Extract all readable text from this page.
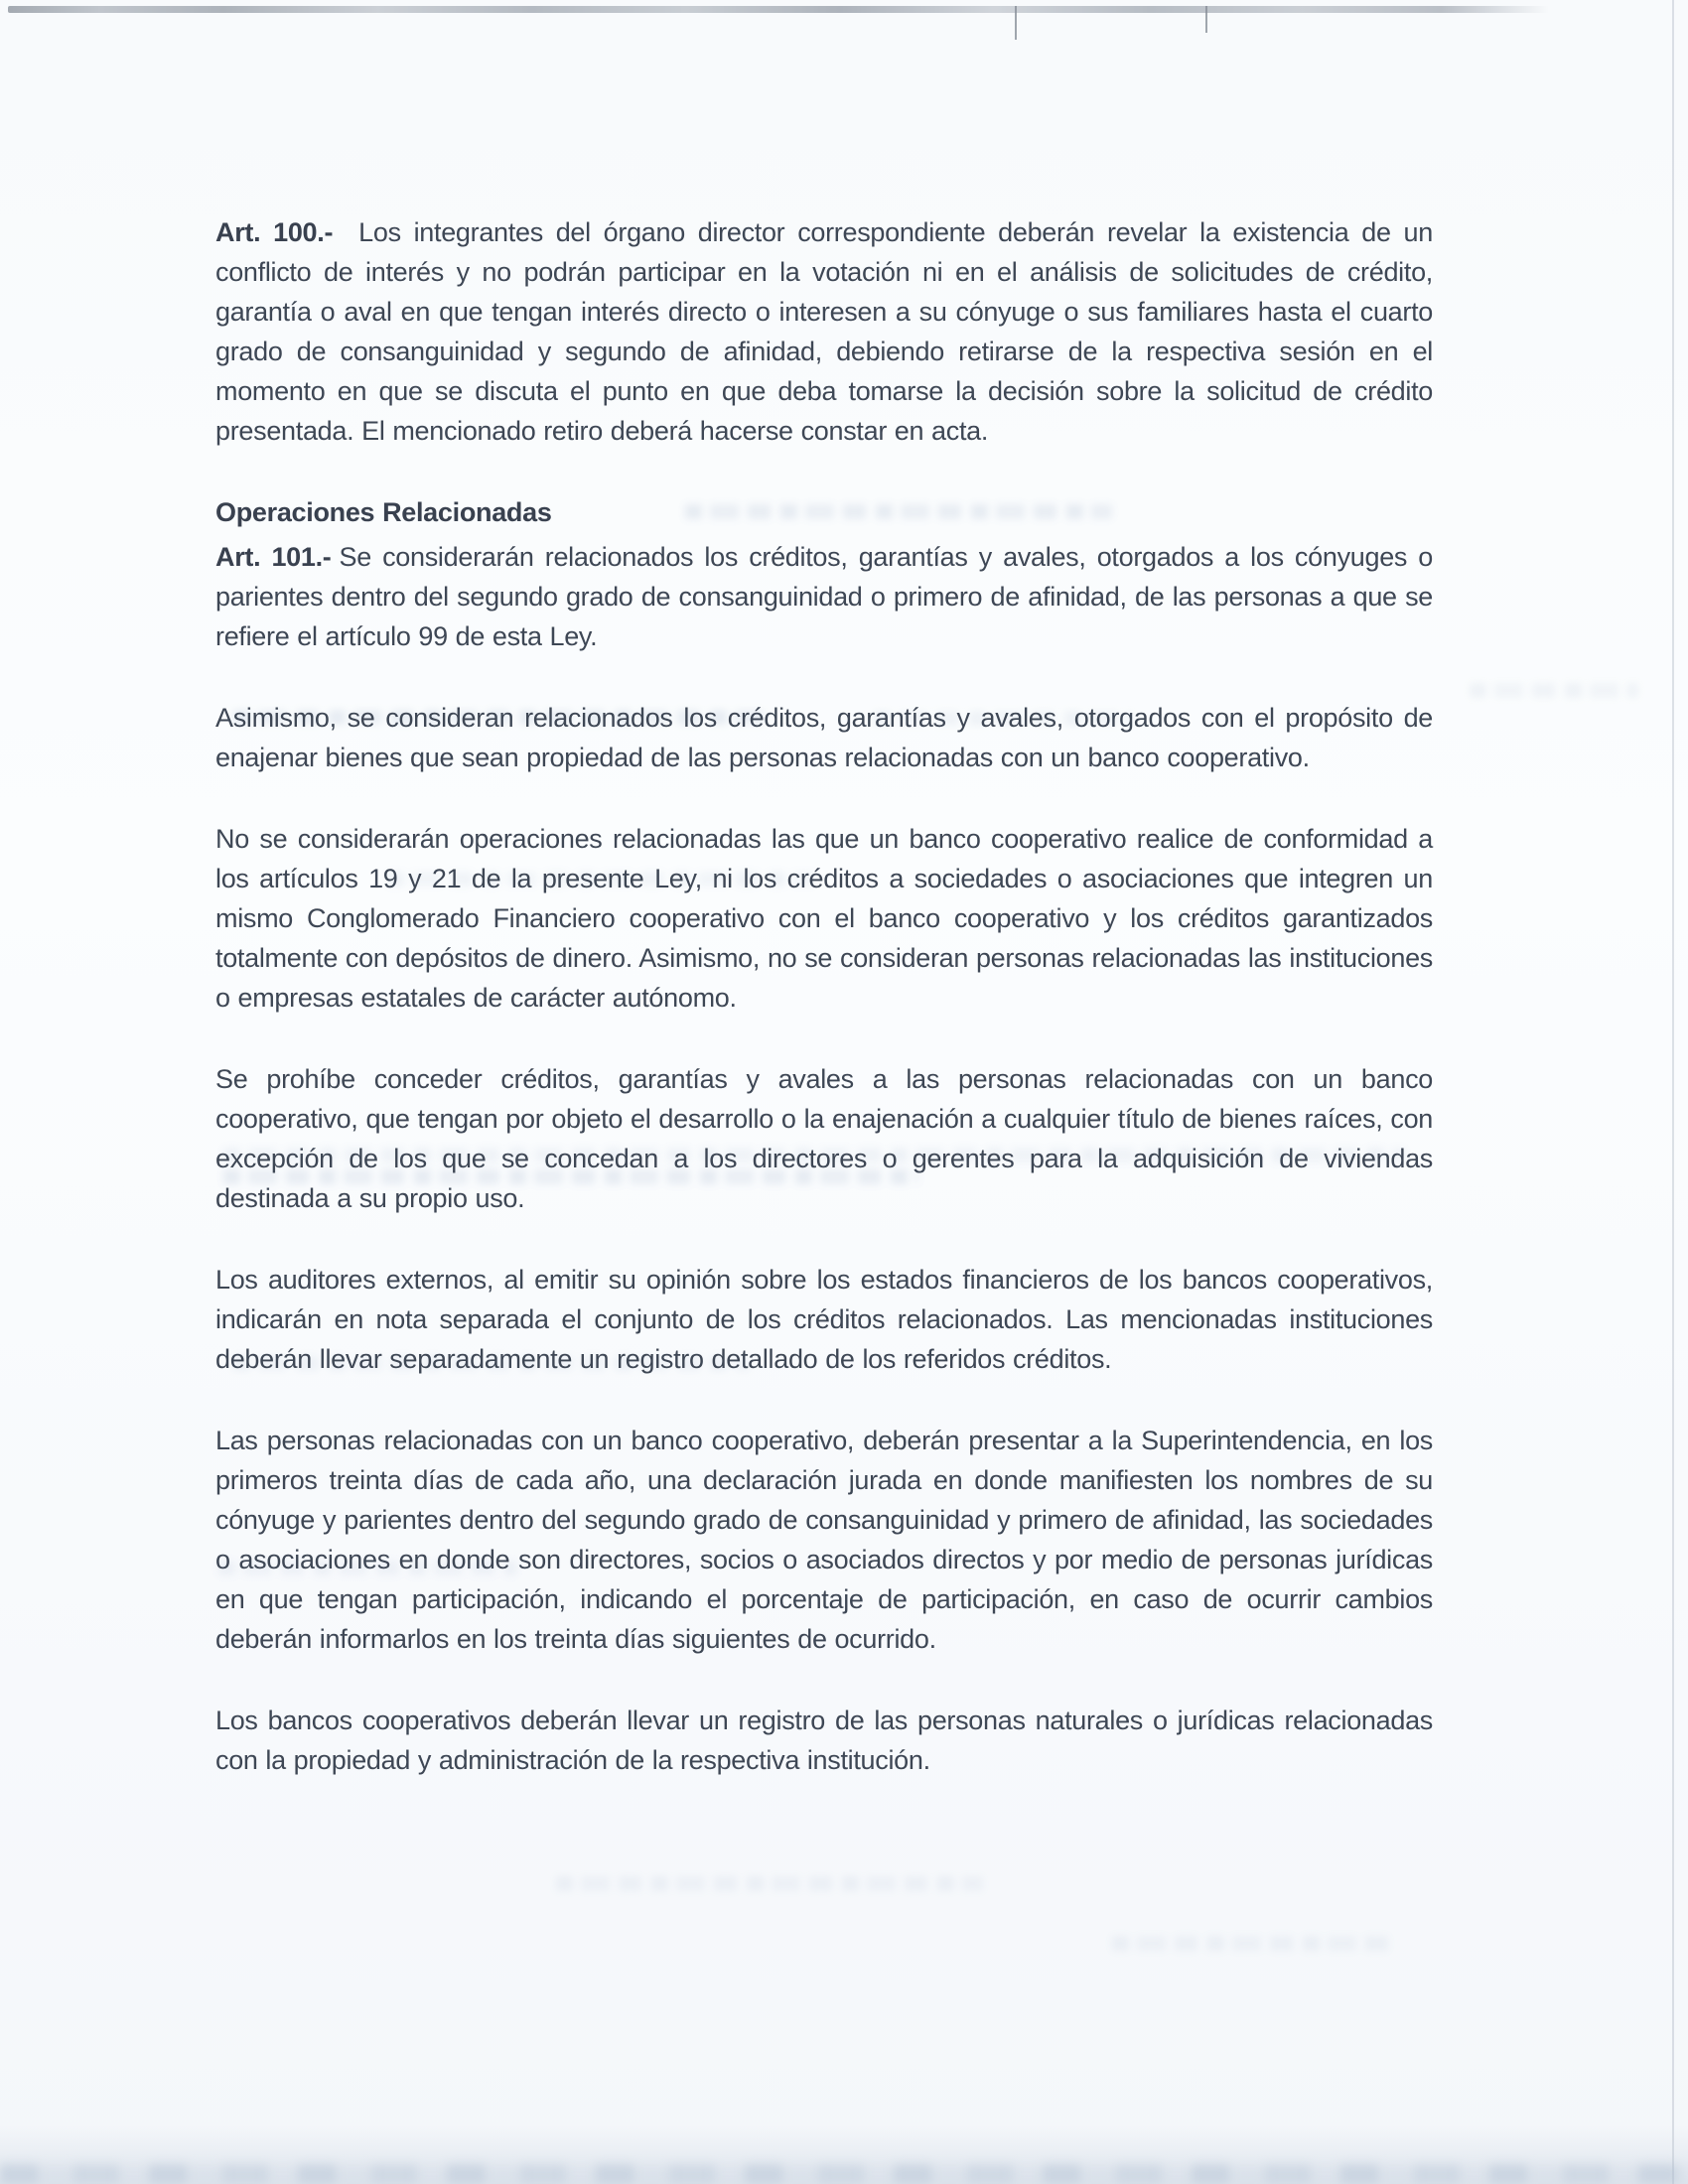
Art. 100.- Los integrantes del órgano director correspondiente deberán revelar la existencia de un conflicto de interés y no podrán participar en la votación ni en el análisis de solicitudes de crédito, garantía o aval en que tengan interés directo o interesen a su cónyuge o sus familiares hasta el cuarto grado de consanguinidad y segundo de afinidad, debiendo retirarse de la respectiva sesión en el momento en que se discuta el punto en que deba tomarse la decisión sobre la solicitud de crédito presentada. El mencionado retiro deberá hacerse constar en acta.

Operaciones Relacionadas

Art. 101.- Se considerarán relacionados los créditos, garantías y avales, otorgados a los cónyuges o parientes dentro del segundo grado de consanguinidad o primero de afinidad, de las personas a que se refiere el artículo 99 de esta Ley.

Asimismo, se consideran relacionados los créditos, garantías y avales, otorgados con el propósito de enajenar bienes que sean propiedad de las personas relacionadas con un banco cooperativo.

No se considerarán operaciones relacionadas las que un banco cooperativo realice de conformidad a los artículos 19 y 21 de la presente Ley, ni los créditos a sociedades o asociaciones que integren un mismo Conglomerado Financiero cooperativo con el banco cooperativo y los créditos garantizados totalmente con depósitos de dinero. Asimismo, no se consideran personas relacionadas las instituciones o empresas estatales de carácter autónomo.

Se prohíbe conceder créditos, garantías y avales a las personas relacionadas con un banco cooperativo, que tengan por objeto el desarrollo o la enajenación a cualquier título de bienes raíces, con excepción de los que se concedan a los directores o gerentes para la adquisición de viviendas destinada a su propio uso.

Los auditores externos, al emitir su opinión sobre los estados financieros de los bancos cooperativos, indicarán en nota separada el conjunto de los créditos relacionados. Las mencionadas instituciones deberán llevar separadamente un registro detallado de los referidos créditos.

Las personas relacionadas con un banco cooperativo, deberán presentar a la Superintendencia, en los primeros treinta días de cada año, una declaración jurada en donde manifiesten los nombres de su cónyuge y parientes dentro del segundo grado de consanguinidad y primero de afinidad, las sociedades o asociaciones en donde son directores, socios o asociados directos y por medio de personas jurídicas en que tengan participación, indicando el porcentaje de participación, en caso de ocurrir cambios deberán informarlos en los treinta días siguientes de ocurrido.

Los bancos cooperativos deberán llevar un registro de las personas naturales o jurídicas relacionadas con la propiedad y administración de la respectiva institución.
